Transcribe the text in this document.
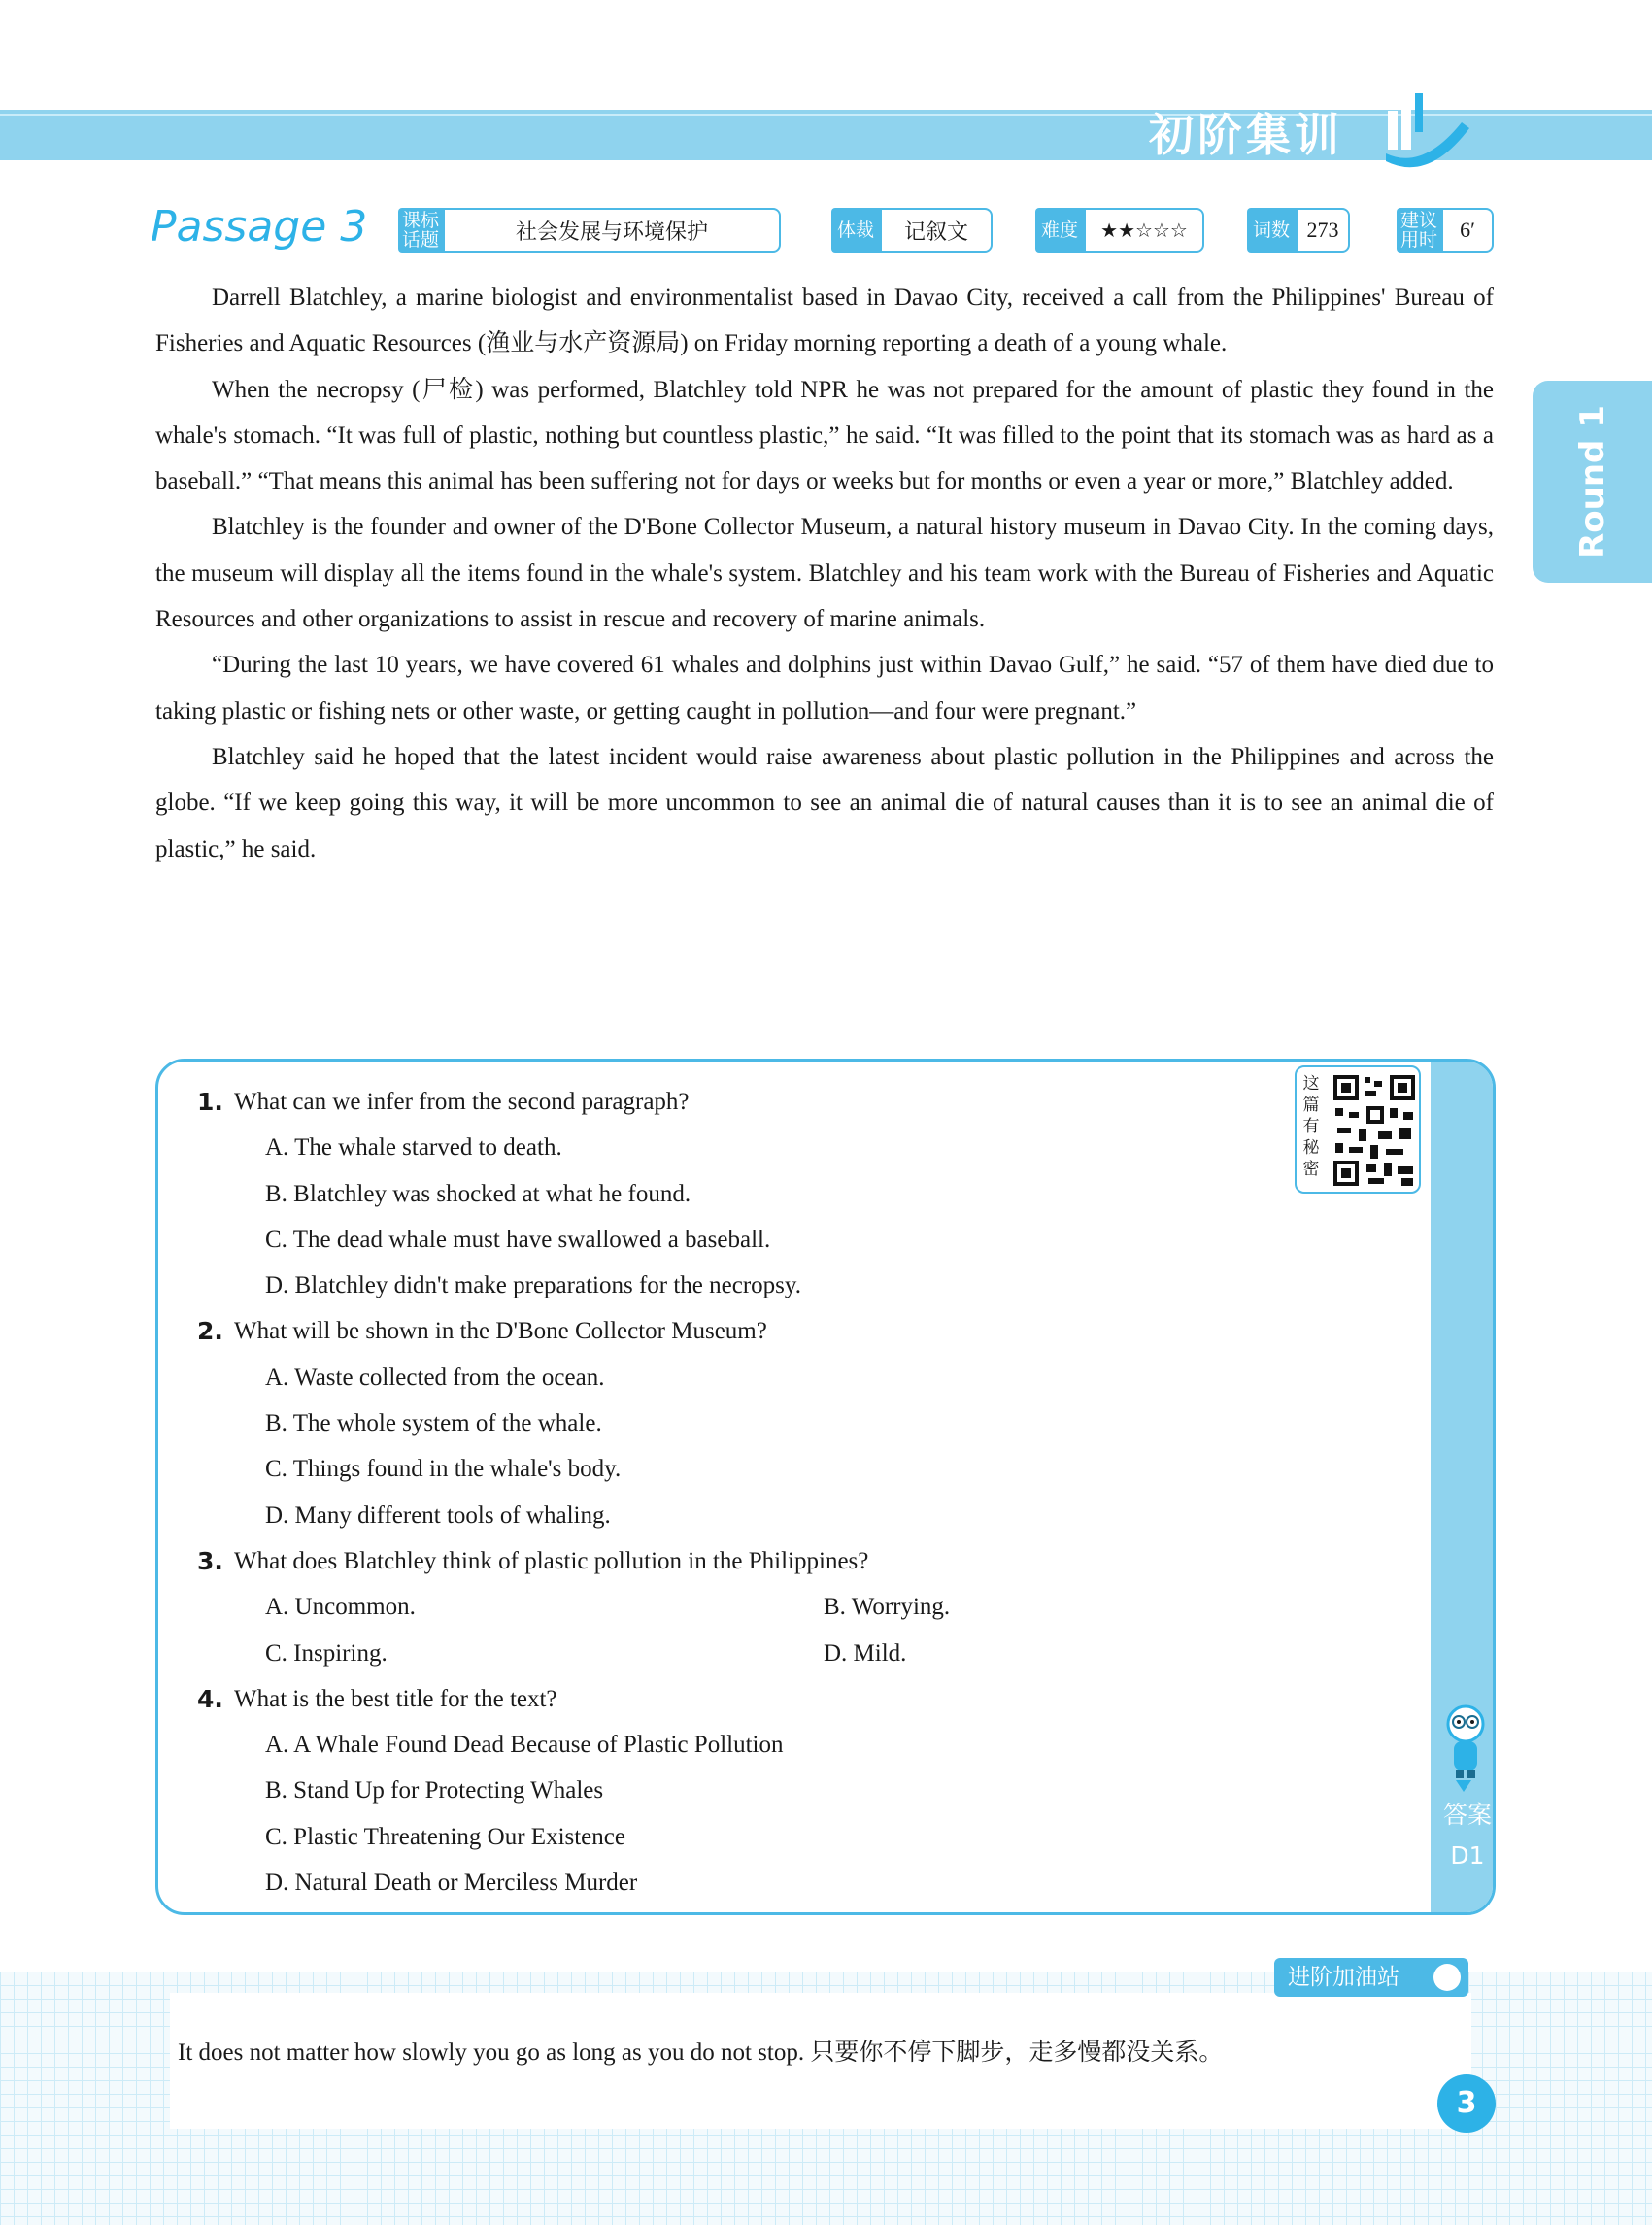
初阶集训
Round 1
Passage 3 课标话题	社会发展与环境保护	体裁	记叙文	难度	★★☆☆☆	词数 273	建议用时	6′

Darrell Blatchley, a marine biologist and environmentalist based in Davao City, received a call from the Philippines' Bureau of Fisheries and Aquatic Resources (渔业与水产资源局) on Friday morning reporting a death of a young whale.

When the necropsy (尸检) was performed, Blatchley told NPR he was not prepared for the amount of plastic they found in the whale's stomach. “It was full of plastic, nothing but countless plastic,” he said. “It was filled to the point that its stomach was as hard as a baseball.” “That means this animal has been suffering not for days or weeks but for months or even a year or more,” Blatchley added.

Blatchley is the founder and owner of the D'Bone Collector Museum, a natural history museum in Davao City. In the coming days, the museum will display all the items found in the whale's system. Blatchley and his team work with the Bureau of Fisheries and Aquatic Resources and other organizations to assist in rescue and recovery of marine animals.

“During the last 10 years, we have covered 61 whales and dolphins just within Davao Gulf,” he said. “57 of them have died due to taking plastic or fishing nets or other waste, or getting caught in pollution—and four were pregnant.”

Blatchley said he hoped that the latest incident would raise awareness about plastic pollution in the Philippines and across the globe. “If we keep going this way, it will be more uncommon to see an animal die of natural causes than it is to see an animal die of plastic,” he said.

1. What can we infer from the second paragraph?
A. The whale starved to death.
B. Blatchley was shocked at what he found.
C. The dead whale must have swallowed a baseball.
D. Blatchley didn't make preparations for the necropsy.
2. What will be shown in the D'Bone Collector Museum?
A. Waste collected from the ocean.
B. The whole system of the whale.
C. Things found in the whale's body.
D. Many different tools of whaling.
3. What does Blatchley think of plastic pollution in the Philippines?
A. Uncommon.	B. Worrying.
C. Inspiring.	D. Mild.
4. What is the best title for the text?
A. A Whale Found Dead Because of Plastic Pollution
B. Stand Up for Protecting Whales
C. Plastic Threatening Our Existence
D. Natural Death or Merciless Murder
这篇有秘密
答案
D1
进阶加油站
It does not matter how slowly you go as long as you do not stop. 只要你不停下脚步，走多慢都没关系。
3
